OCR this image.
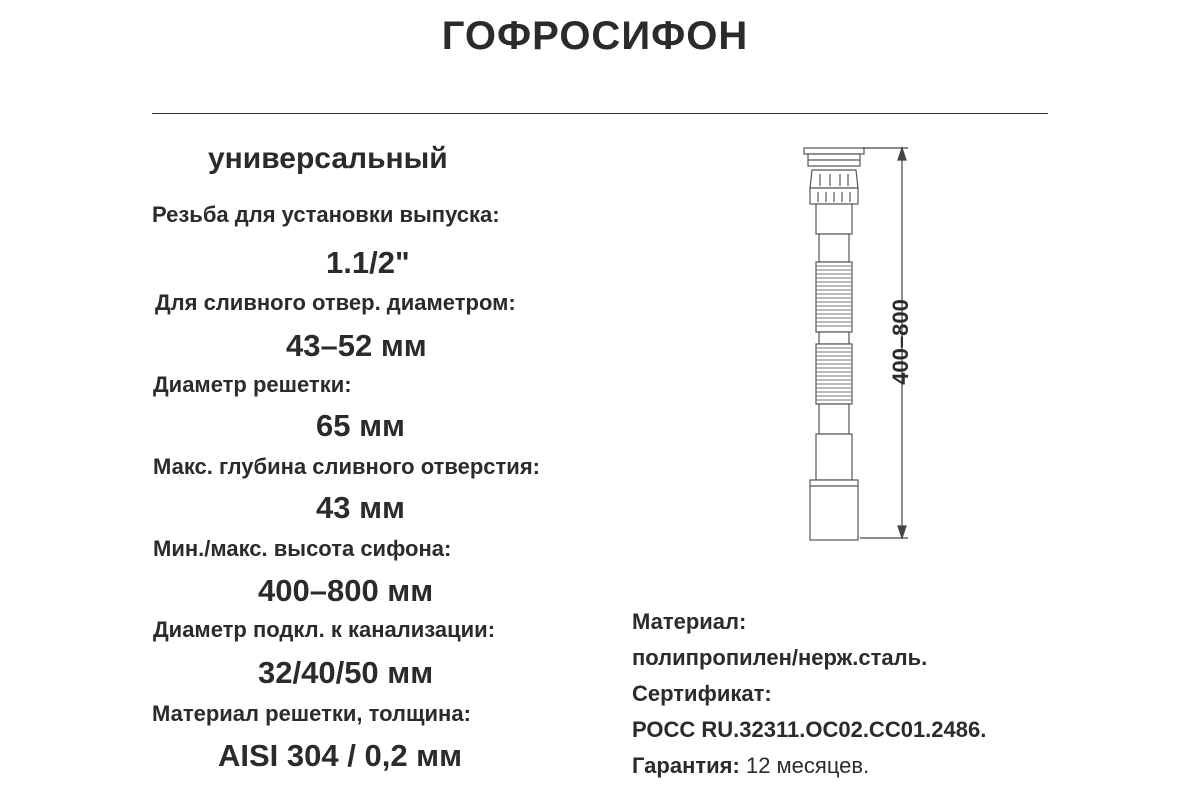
ГОФРОСИФОН
универсальный
Резьба для установки выпуска:
1.1/2"
Для сливного отвер. диаметром:
43–52 мм
Диаметр решетки:
65 мм
Макс. глубина сливного отверстия:
43 мм
Мин./макс. высота сифона:
400–800 мм
Диаметр подкл. к канализации:
32/40/50 мм
Материал решетки, толщина:
AISI 304 / 0,2 мм
Материал:
полипропилен/нерж.сталь.
Сертификат:
РОСС RU.32311.ОС02.СС01.2486.
Гарантия: 12 месяцев.
400–800
